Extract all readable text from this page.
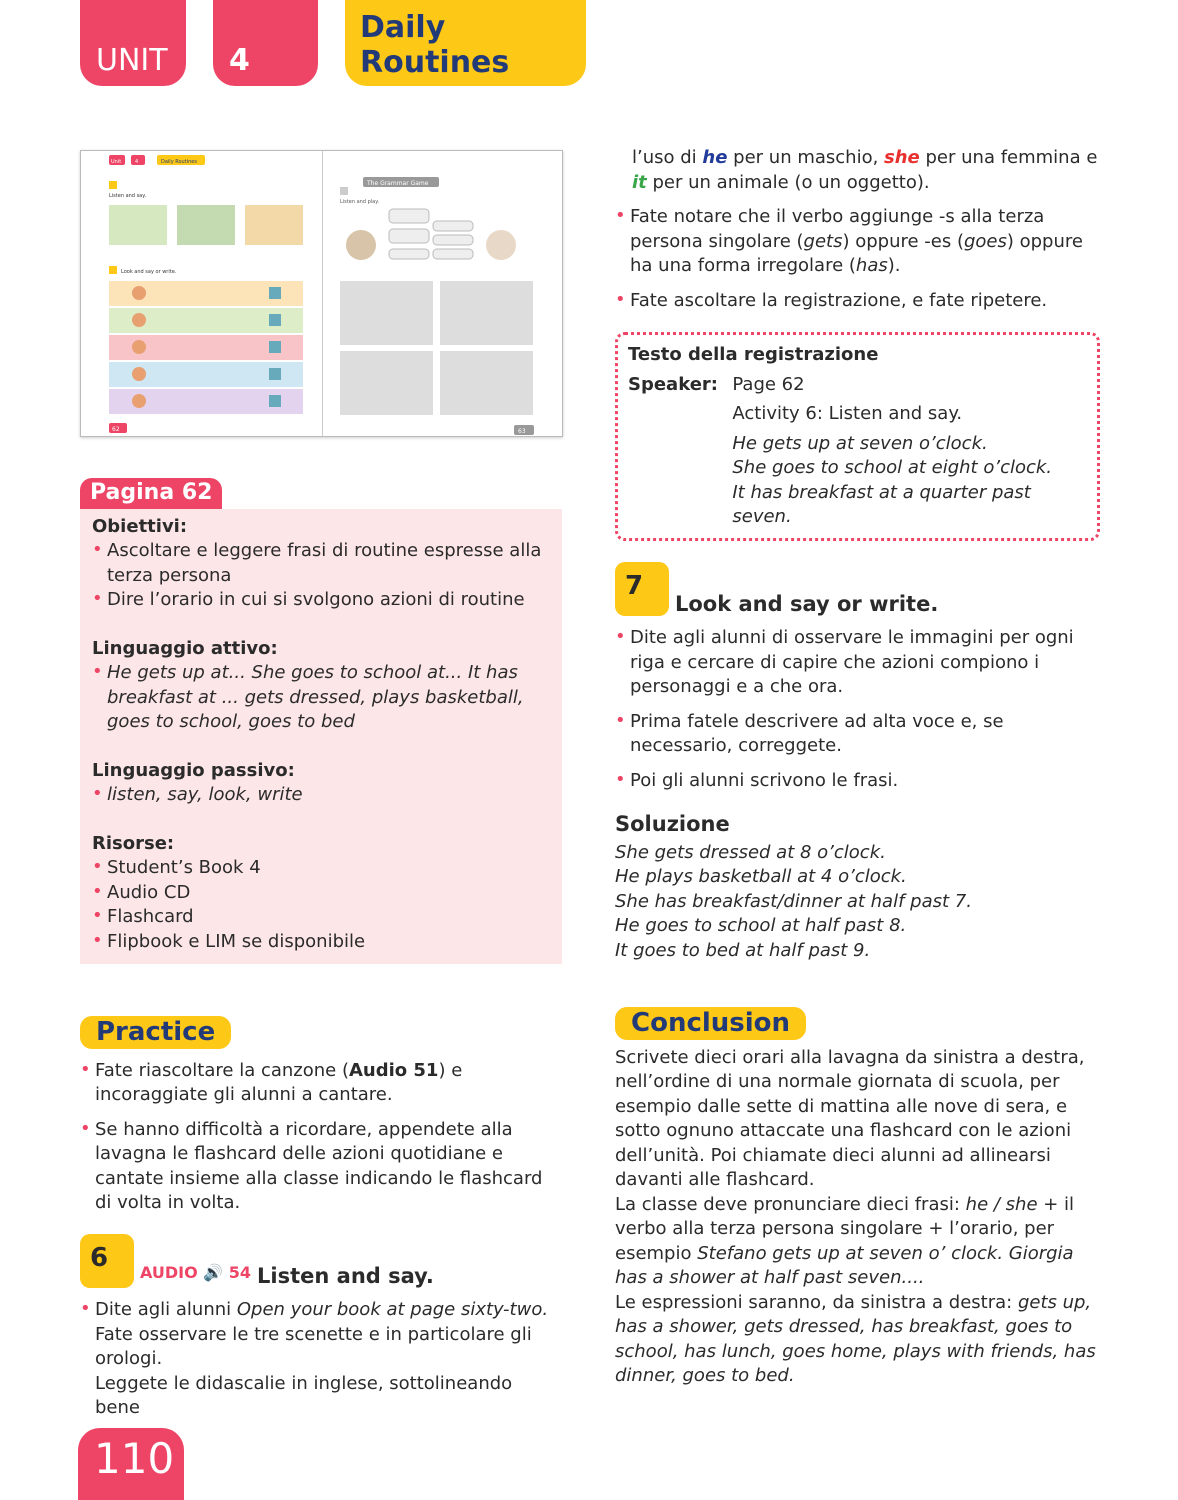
UNIT 4
Daily Routines
Unit	4	Daily Routines
Listen and say.
Look and say or write.
62
The Grammar Game
Listen and play.
63
Pagina 62
Obiettivi:
• Ascoltare e leggere frasi di routine espresse alla terza persona
• Dire l’orario in cui si svolgono azioni di routine
Linguaggio attivo:
• He gets up at... She goes to school at... It has breakfast at ... gets dressed, plays basketball, goes to school, goes to bed
Linguaggio passivo:
• listen, say, look, write
Risorse:
• Student’s Book 4
• Audio CD
• Flashcard
• Flipbook e LIM se disponibile
Practice
• Fate riascoltare la canzone (Audio 51) e incoraggiate gli alunni a cantare.
• Se hanno difficoltà a ricordare, appendete alla lavagna le flashcard delle azioni quotidiane e cantate insieme alla classe indicando le flashcard di volta in volta.
6	AUDIO 🔊 54 Listen and say.
• Dite agli alunni Open your book at page sixty-two.
Fate osservare le tre scenette e in particolare gli orologi.
Leggete le didascalie in inglese, sottolineando bene
l’uso di he per un maschio, she per una femmina e it per un animale (o un oggetto).
• Fate notare che il verbo aggiunge -s alla terza persona singolare (gets) oppure -es (goes) oppure ha una forma irregolare (has).
• Fate ascoltare la registrazione, e fate ripetere.
Testo della registrazione
Speaker: Page 62
Activity 6: Listen and say.
He gets up at seven o’clock.
She goes to school at eight o’clock.
It has breakfast at a quarter past seven.
7
Look and say or write.
• Dite agli alunni di osservare le immagini per ogni riga e cercare di capire che azioni compiono i personaggi e a che ora.
• Prima fatele descrivere ad alta voce e, se necessario, correggete.
• Poi gli alunni scrivono le frasi.
Soluzione
She gets dressed at 8 o’clock.
He plays basketball at 4 o’clock.
She has breakfast/dinner at half past 7.
He goes to school at half past 8.
It goes to bed at half past 9.
Conclusion
Scrivete dieci orari alla lavagna da sinistra a destra, nell’ordine di una normale giornata di scuola, per esempio dalle sette di mattina alle nove di sera, e sotto ognuno attaccate una flashcard con le azioni dell’unità. Poi chiamate dieci alunni ad allinearsi davanti alle flashcard.
La classe deve pronunciare dieci frasi: he / she + il verbo alla terza persona singolare + l’orario, per esempio Stefano gets up at seven o’ clock. Giorgia has a shower at half past seven....
Le espressioni saranno, da sinistra a destra: gets up, has a shower, gets dressed, has breakfast, goes to school, has lunch, goes home, plays with friends, has dinner, goes to bed.
110
